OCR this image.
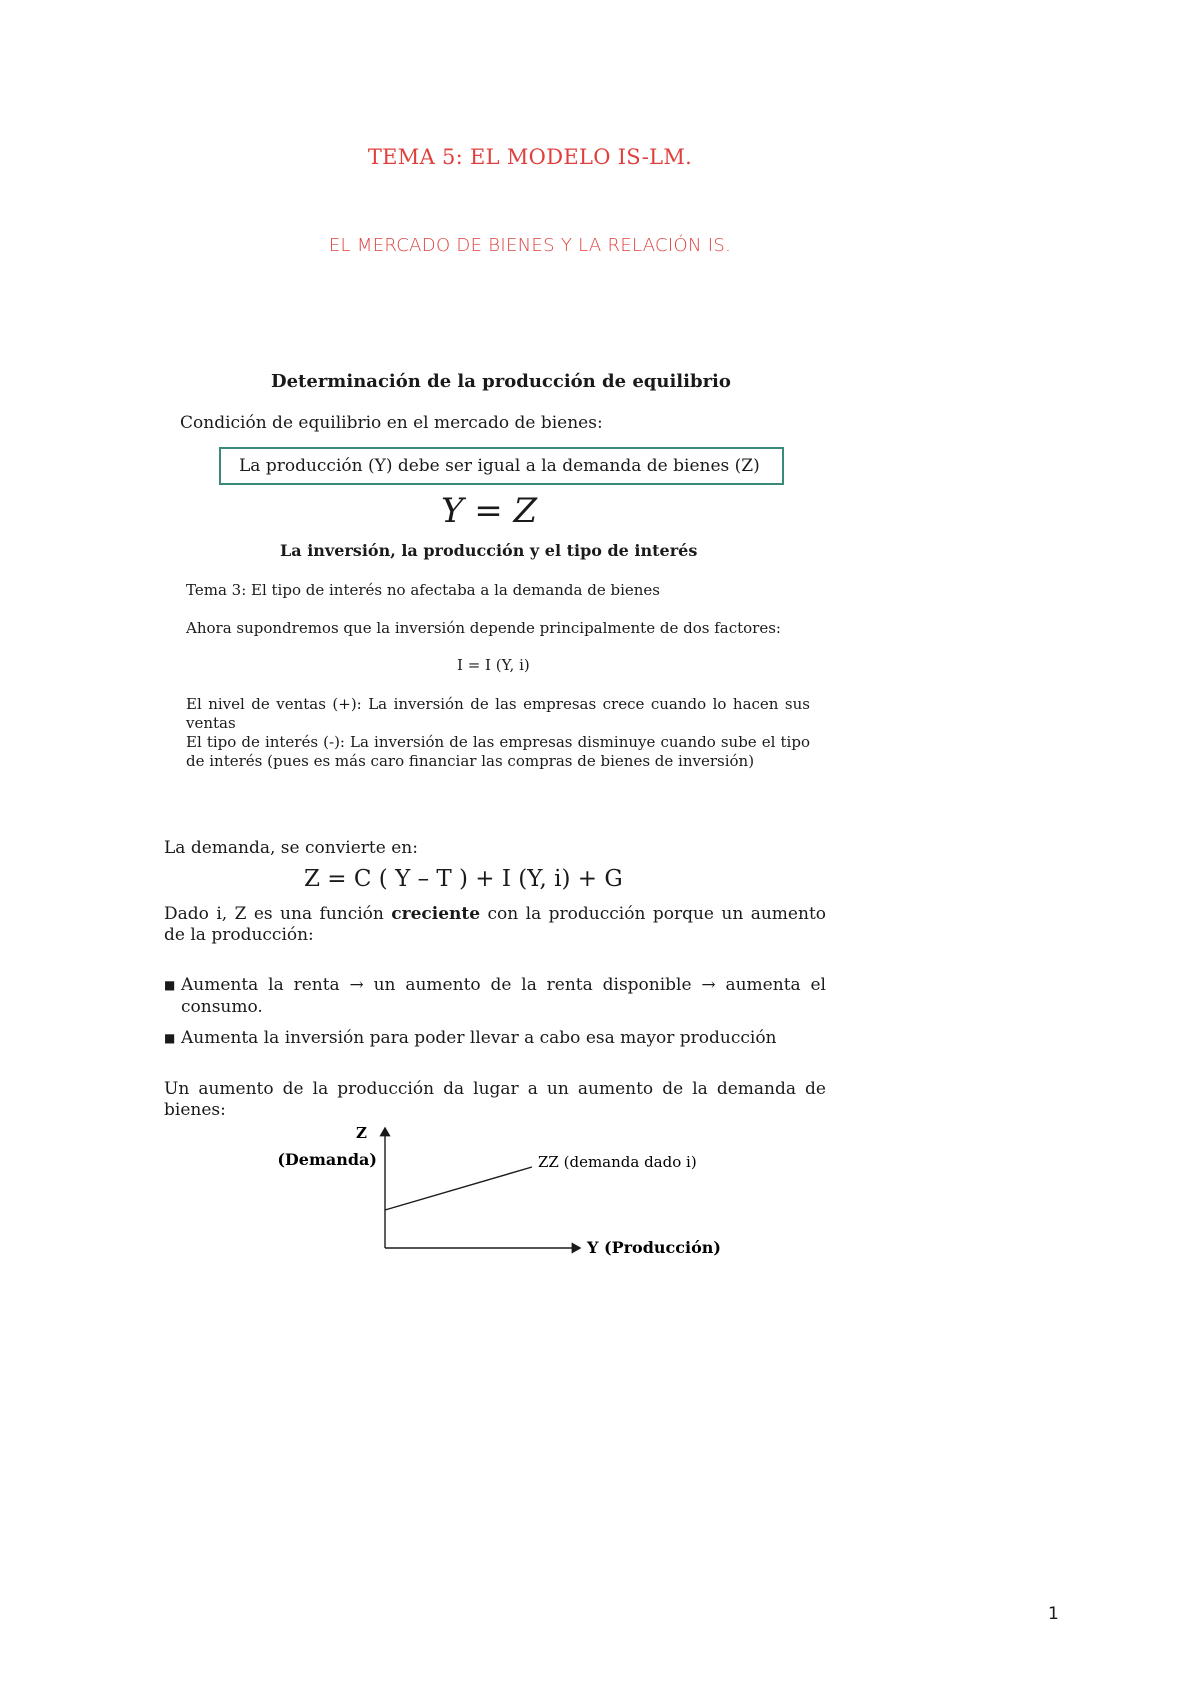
TEMA 5: EL MODELO IS-LM.
EL MERCADO DE BIENES Y LA RELACIÓN IS.
Determinación de la producción de equilibrio
Condición de equilibrio en el mercado de bienes:
La producción (Y) debe ser igual a la demanda de bienes (Z)
Y = Z
La inversión, la producción y el tipo de interés
Tema 3: El tipo de interés no afectaba a la demanda de bienes
Ahora supondremos que la inversión depende principalmente de dos factores:
I = I (Y, i)
El nivel de ventas (+): La inversión de las empresas crece cuando lo hacen sus ventas
El tipo de interés (-): La inversión de las empresas disminuye cuando sube el tipo de interés (pues es más caro financiar las compras de bienes de inversión)
La demanda, se convierte en:
Z = C ( Y – T ) + I (Y, i) + G
Dado i, Z es una función creciente con la producción porque un aumento de la producción:
■ Aumenta la renta → un aumento de la renta disponible → aumenta el consumo.
■ Aumenta la inversión para poder llevar a cabo esa mayor producción
Un aumento de la producción da lugar a un aumento de la demanda de bienes:
Z
(Demanda)	ZZ (demanda dado i)
Y (Producción)
1
